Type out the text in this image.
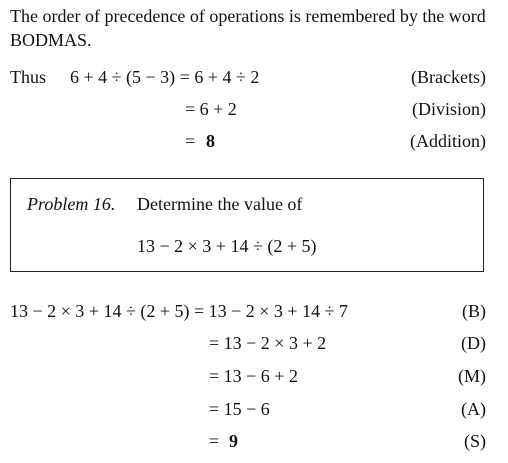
The order of precedence of operations is remembered by the word
BODMAS.
Thus 6 + 4 ÷ (5 − 3) = 6 + 4 ÷ 2	(Brackets)
= 6 + 2	(Division)
= 8	(Addition)
Problem 16. Determine the value of
13 − 2 × 3 + 14 ÷ (2 + 5)
13 − 2 × 3 + 14 ÷ (2 + 5) = 13 − 2 × 3 + 14 ÷ 7	(B)
= 13 − 2 × 3 + 2	(D)
= 13 − 6 + 2	(M)
= 15 − 6	(A)
= 9	(S)
